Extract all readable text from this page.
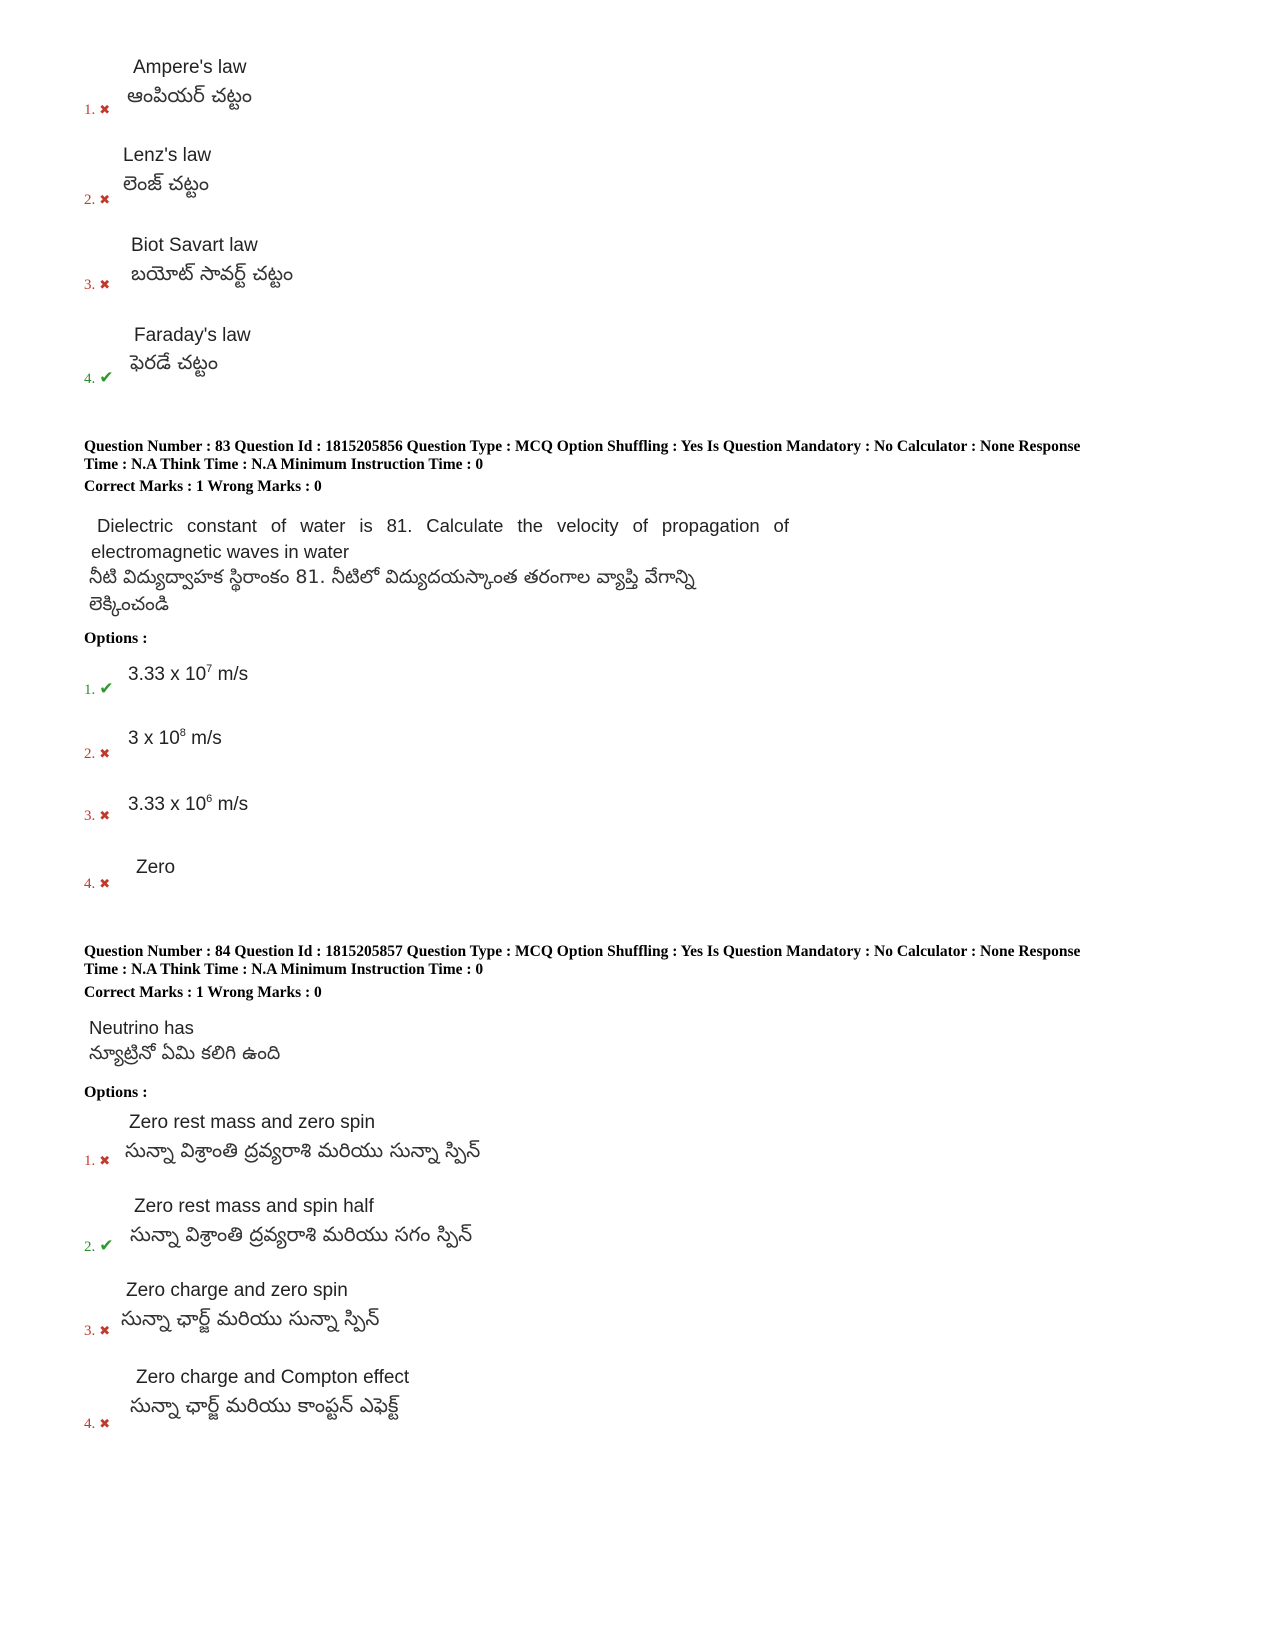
Ampere's law
ఆంపియర్ చట్టం
1. ✖
Lenz's law
లెంజ్ చట్టం
2. ✖
Biot Savart law
బయోట్ సావర్ట్ చట్టం
3. ✖
Faraday's law
ఫెరడే చట్టం
4. ✔
Question Number : 83 Question Id : 1815205856 Question Type : MCQ Option Shuffling : Yes Is Question Mandatory : No Calculator : None Response
Time : N.A Think Time : N.A Minimum Instruction Time : 0
Correct Marks : 1 Wrong Marks : 0
Dielectric constant of water is 81. Calculate the velocity of propagation of
electromagnetic waves in water
నీటి విద్యుద్వాహక స్థిరాంకం 81. నీటిలో విద్యుదయస్కాంత తరంగాల వ్యాప్తి వేగాన్ని
లెక్కించండి
Options :
3.33 x $10^7$ m/s
1. ✔
3 x $10^8$ m/s
2. ✖
3.33 x $10^6$ m/s
3. ✖
Zero
4. ✖
Question Number : 84 Question Id : 1815205857 Question Type : MCQ Option Shuffling : Yes Is Question Mandatory : No Calculator : None Response
Time : N.A Think Time : N.A Minimum Instruction Time : 0
Correct Marks : 1 Wrong Marks : 0
Neutrino has
న్యూట్రినో ఏమి కలిగి ఉంది
Options :
Zero rest mass and zero spin
సున్నా విశ్రాంతి ద్రవ్యరాశి మరియు సున్నా స్పిన్
1. ✖
Zero rest mass and spin half
సున్నా విశ్రాంతి ద్రవ్యరాశి మరియు సగం స్పిన్
2. ✔
Zero charge and zero spin
సున్నా ఛార్జ్ మరియు సున్నా స్పిన్
3. ✖
Zero charge and Compton effect
సున్నా ఛార్జ్ మరియు కాంప్టన్ ఎఫెక్ట్
4. ✖
